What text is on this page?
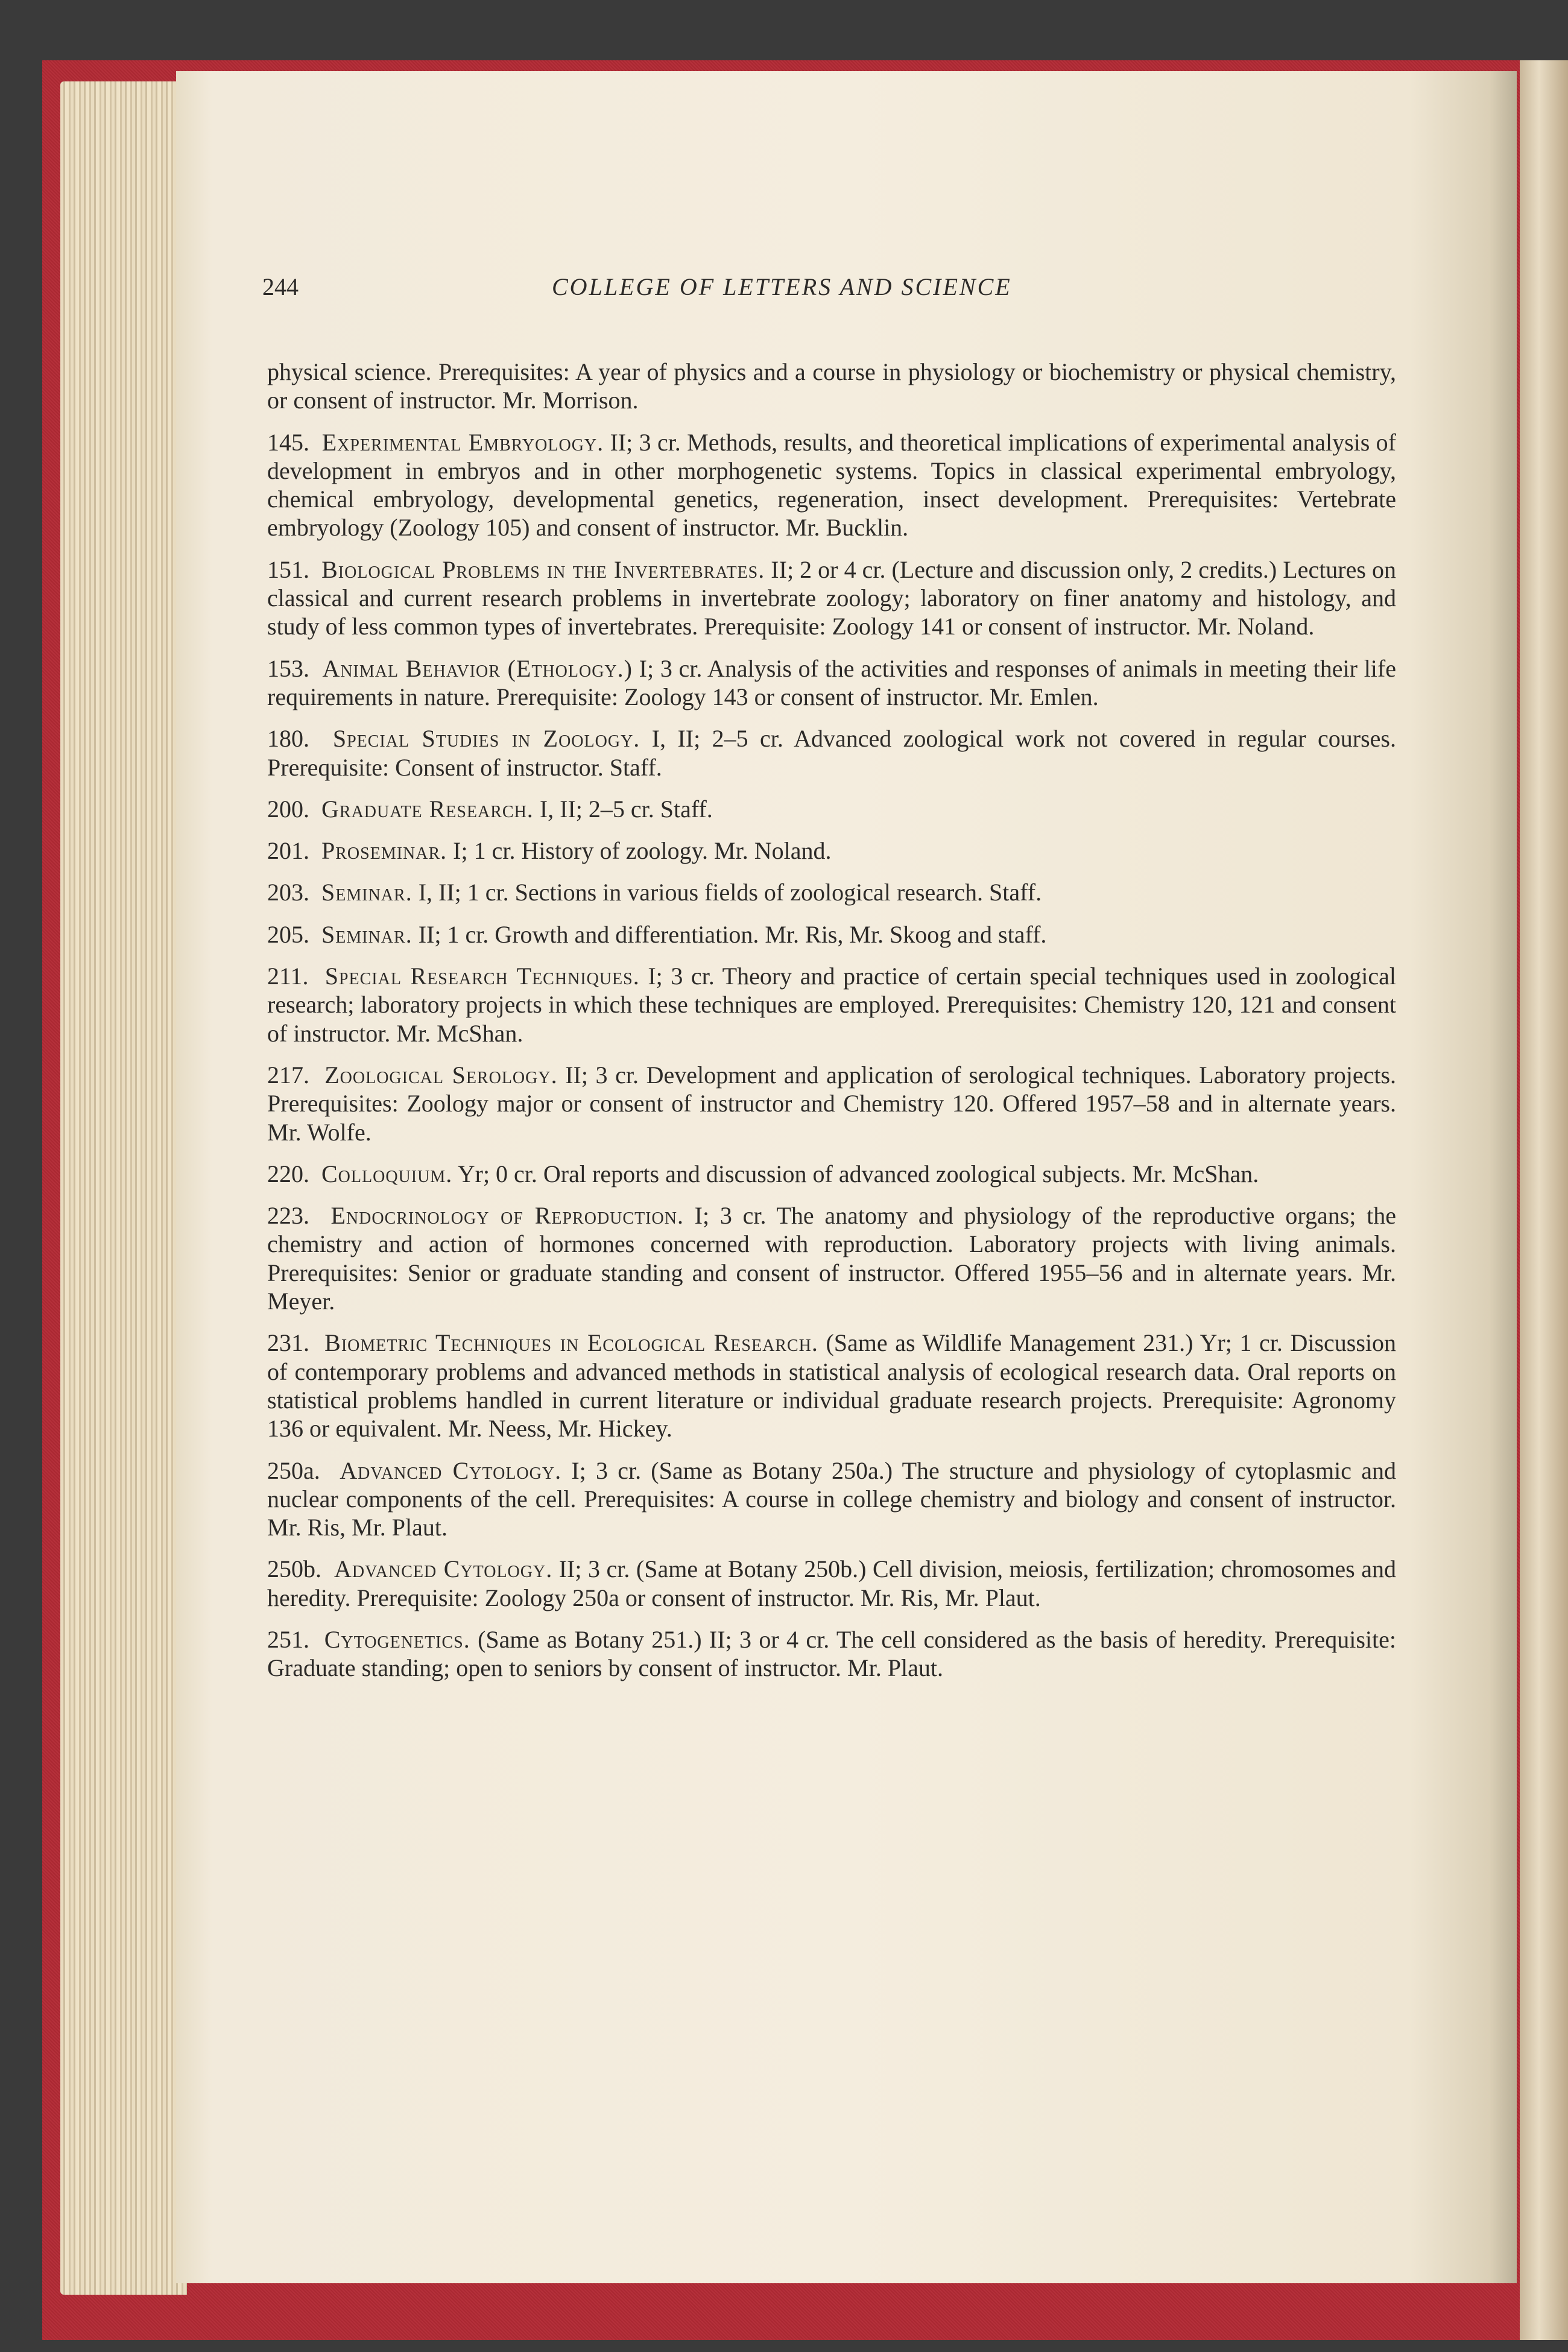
244	COLLEGE OF LETTERS AND SCIENCE

physical science. Prerequisites: A year of physics and a course in physiology or biochemistry or physical chemistry, or consent of instructor. Mr. Morrison.

145. Experimental Embryology. II; 3 cr. Methods, results, and theoretical implications of experimental analysis of development in embryos and in other morphogenetic systems. Topics in classical experimental embryology, chemical embryology, developmental genetics, regeneration, insect development. Prerequisites: Vertebrate embryology (Zoology 105) and consent of instructor. Mr. Bucklin.

151. Biological Problems in the Invertebrates. II; 2 or 4 cr. (Lecture and discussion only, 2 credits.) Lectures on classical and current research problems in invertebrate zoology; laboratory on finer anatomy and histology, and study of less common types of invertebrates. Prerequisite: Zoology 141 or consent of instructor. Mr. Noland.

153. Animal Behavior (Ethology.) I; 3 cr. Analysis of the activities and responses of animals in meeting their life requirements in nature. Prerequisite: Zoology 143 or consent of instructor. Mr. Emlen.

180. Special Studies in Zoology. I, II; 2–5 cr. Advanced zoological work not covered in regular courses. Prerequisite: Consent of instructor. Staff.

200. Graduate Research. I, II; 2–5 cr. Staff.

201. Proseminar. I; 1 cr. History of zoology. Mr. Noland.

203. Seminar. I, II; 1 cr. Sections in various fields of zoological research. Staff.

205. Seminar. II; 1 cr. Growth and differentiation. Mr. Ris, Mr. Skoog and staff.

211. Special Research Techniques. I; 3 cr. Theory and practice of certain special techniques used in zoological research; laboratory projects in which these techniques are employed. Prerequisites: Chemistry 120, 121 and consent of instructor. Mr. McShan.

217. Zoological Serology. II; 3 cr. Development and application of serological techniques. Laboratory projects. Prerequisites: Zoology major or consent of instructor and Chemistry 120. Offered 1957–58 and in alternate years. Mr. Wolfe.

220. Colloquium. Yr; 0 cr. Oral reports and discussion of advanced zoological subjects. Mr. McShan.

223. Endocrinology of Reproduction. I; 3 cr. The anatomy and physiology of the reproductive organs; the chemistry and action of hormones concerned with reproduction. Laboratory projects with living animals. Prerequisites: Senior or graduate standing and consent of instructor. Offered 1955–56 and in alternate years. Mr. Meyer.

231. Biometric Techniques in Ecological Research. (Same as Wildlife Management 231.) Yr; 1 cr. Discussion of contemporary problems and advanced methods in statistical analysis of ecological research data. Oral reports on statistical problems handled in current literature or individual graduate research projects. Prerequisite: Agronomy 136 or equivalent. Mr. Neess, Mr. Hickey.

250a. Advanced Cytology. I; 3 cr. (Same as Botany 250a.) The structure and physiology of cytoplasmic and nuclear components of the cell. Prerequisites: A course in college chemistry and biology and consent of instructor. Mr. Ris, Mr. Plaut.

250b. Advanced Cytology. II; 3 cr. (Same at Botany 250b.) Cell division, meiosis, fertilization; chromosomes and heredity. Prerequisite: Zoology 250a or consent of instructor. Mr. Ris, Mr. Plaut.

251. Cytogenetics. (Same as Botany 251.) II; 3 or 4 cr. The cell considered as the basis of heredity. Prerequisite: Graduate standing; open to seniors by consent of instructor. Mr. Plaut.
